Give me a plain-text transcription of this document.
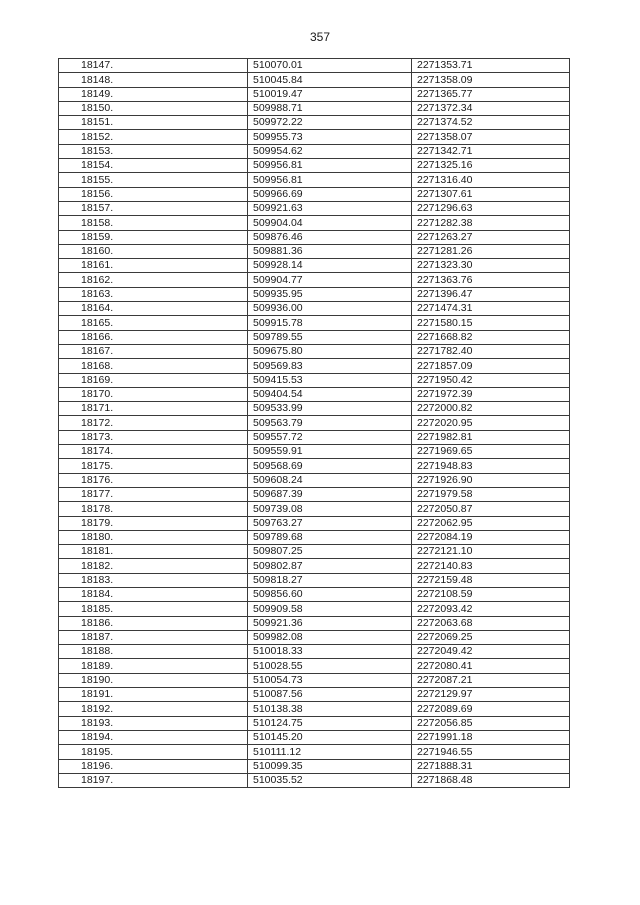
357
18147.	510070.01	2271353.71
18148.	510045.84	2271358.09
18149.	510019.47	2271365.77
18150.	509988.71	2271372.34
18151.	509972.22	2271374.52
18152.	509955.73	2271358.07
18153.	509954.62	2271342.71
18154.	509956.81	2271325.16
18155.	509956.81	2271316.40
18156.	509966.69	2271307.61
18157.	509921.63	2271296.63
18158.	509904.04	2271282.38
18159.	509876.46	2271263.27
18160.	509881.36	2271281.26
18161.	509928.14	2271323.30
18162.	509904.77	2271363.76
18163.	509935.95	2271396.47
18164.	509936.00	2271474.31
18165.	509915.78	2271580.15
18166.	509789.55	2271668.82
18167.	509675.80	2271782.40
18168.	509569.83	2271857.09
18169.	509415.53	2271950.42
18170.	509404.54	2271972.39
18171.	509533.99	2272000.82
18172.	509563.79	2272020.95
18173.	509557.72	2271982.81
18174.	509559.91	2271969.65
18175.	509568.69	2271948.83
18176.	509608.24	2271926.90
18177.	509687.39	2271979.58
18178.	509739.08	2272050.87
18179.	509763.27	2272062.95
18180.	509789.68	2272084.19
18181.	509807.25	2272121.10
18182.	509802.87	2272140.83
18183.	509818.27	2272159.48
18184.	509856.60	2272108.59
18185.	509909.58	2272093.42
18186.	509921.36	2272063.68
18187.	509982.08	2272069.25
18188.	510018.33	2272049.42
18189.	510028.55	2272080.41
18190.	510054.73	2272087.21
18191.	510087.56	2272129.97
18192.	510138.38	2272089.69
18193.	510124.75	2272056.85
18194.	510145.20	2271991.18
18195.	510111.12	2271946.55
18196.	510099.35	2271888.31
18197.	510035.52	2271868.48
